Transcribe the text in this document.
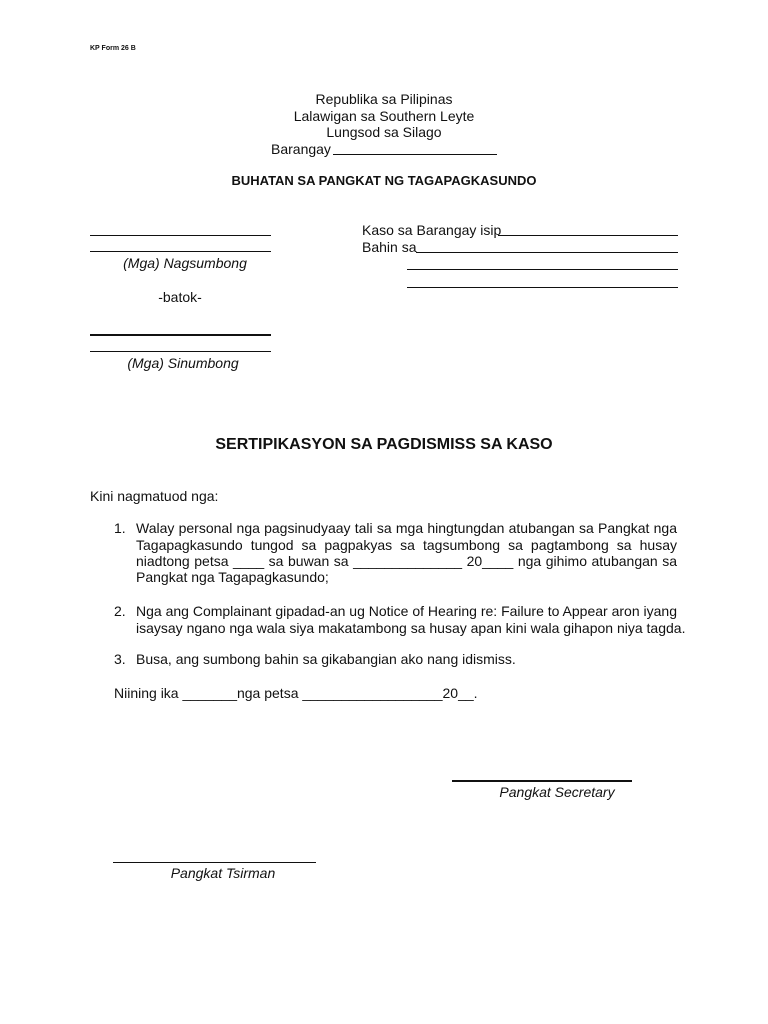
KP Form 26 B
Republika sa Pilipinas
Lalawigan sa Southern Leyte
Lungsod sa Silago
Barangay
BUHATAN SA PANGKAT NG TAGAPAGKASUNDO
(Mga) Nagsumbong
-batok-
(Mga) Sinumbong
Kaso sa Barangay isip
Bahin sa
SERTIPIKASYON SA PAGDISMISS SA KASO
Kini nagmatuod nga:
1. Walay personal nga pagsinudyaay tali sa mga hingtungdan atubangan sa Pangkat nga
Tagapagkasundo tungod sa pagpakyas sa tagsumbong sa pagtambong sa husay
niadtong petsa ____ sa buwan sa ______________ 20____ nga gihimo atubangan sa
Pangkat nga Tagapagkasundo;
2. Nga ang Complainant gipadad-an ug Notice of Hearing re: Failure to Appear aron iyang
isaysay ngano nga wala siya makatambong sa husay apan kini wala gihapon niya tagda.
3. Busa, ang sumbong bahin sa gikabangian ako nang idismiss.
Niining ika _______nga petsa __________________20__.
Pangkat Secretary
Pangkat Tsirman
